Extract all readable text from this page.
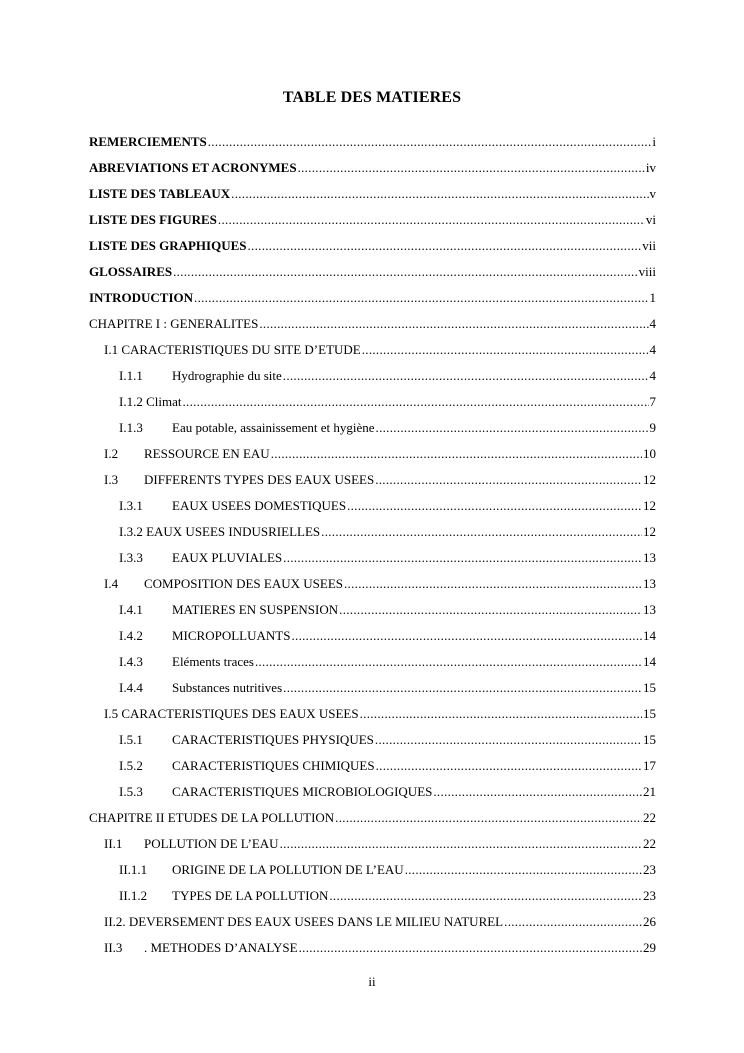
TABLE DES MATIERES
REMERCIEMENTS .....	i
ABREVIATIONS ET ACRONYMES .....	iv
LISTE DES TABLEAUX .....	v
LISTE DES FIGURES .....	vi
LISTE DES GRAPHIQUES .....	vii
GLOSSAIRES .....	viii
INTRODUCTION .....	1
CHAPITRE I : GENERALITES .....	4
I.1 CARACTERISTIQUES DU SITE D’ETUDE .....	4
I.1.1	Hydrographie du site .....	4
I.1.2 Climat .....	7
I.1.3	Eau potable, assainissement et hygiène .....	9
I.2	RESSOURCE EN EAU .....	10
I.3	DIFFERENTS TYPES DES EAUX USEES .....	12
I.3.1	EAUX USEES DOMESTIQUES .....	12
I.3.2 EAUX USEES INDUSRIELLES .....	12
I.3.3	EAUX PLUVIALES .....	13
I.4	COMPOSITION DES EAUX USEES .....	13
I.4.1	MATIERES EN SUSPENSION .....	13
I.4.2	MICROPOLLUANTS .....	14
I.4.3	Eléments traces .....	14
I.4.4	Substances nutritives .....	15
I.5 CARACTERISTIQUES DES EAUX USEES .....	15
I.5.1	CARACTERISTIQUES PHYSIQUES .....	15
I.5.2	CARACTERISTIQUES CHIMIQUES .....	17
I.5.3	CARACTERISTIQUES MICROBIOLOGIQUES .....	21
CHAPITRE II ETUDES DE LA POLLUTION .....	22
II.1	POLLUTION DE L’EAU .....	22
II.1.1	ORIGINE DE LA POLLUTION DE L’EAU .....	23
II.1.2	TYPES DE LA POLLUTION .....	23
II.2. DEVERSEMENT DES EAUX USEES DANS LE MILIEU NATUREL .....	26
II.3	. METHODES D’ANALYSE .....	29
ii
